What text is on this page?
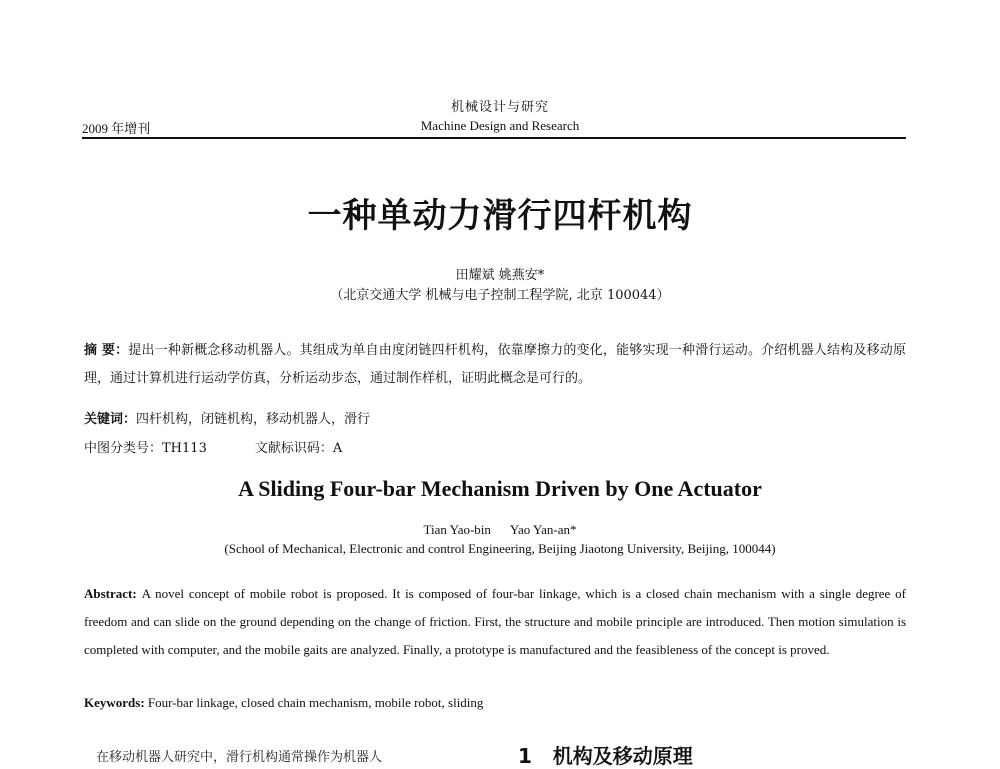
机械设计与研究
Machine Design and Research
2009 年增刊
一种单动力滑行四杆机构
田耀斌 姚燕安*
（北京交通大学 机械与电子控制工程学院, 北京 100044）
摘 要：提出一种新概念移动机器人。其组成为单自由度闭链四杆机构，依靠摩擦力的变化，能够实现一种滑行运动。介绍机器人结构及移动原理，通过计算机进行运动学仿真，分析运动步态，通过制作样机，证明此概念是可行的。
关键词：四杆机构，闭链机构，移动机器人，滑行
中图分类号：TH113	文献标识码：A
A Sliding Four-bar Mechanism Driven by One Actuator
Tian Yao-bin      Yao Yan-an*
(School of Mechanical, Electronic and control Engineering, Beijing Jiaotong University, Beijing, 100044)
Abstract: A novel concept of mobile robot is proposed. It is composed of four-bar linkage, which is a closed chain mechanism with a single degree of freedom and can slide on the ground depending on the change of friction. First, the structure and mobile principle are introduced. Then motion simulation is completed with computer, and the mobile gaits are analyzed. Finally, a prototype is manufactured and the feasibleness of the concept is proved.
Keywords: Four-bar linkage, closed chain mechanism, mobile robot, sliding
在移动机器人研究中，滑行机构通常操作为机器人	1   机构及移动原理
